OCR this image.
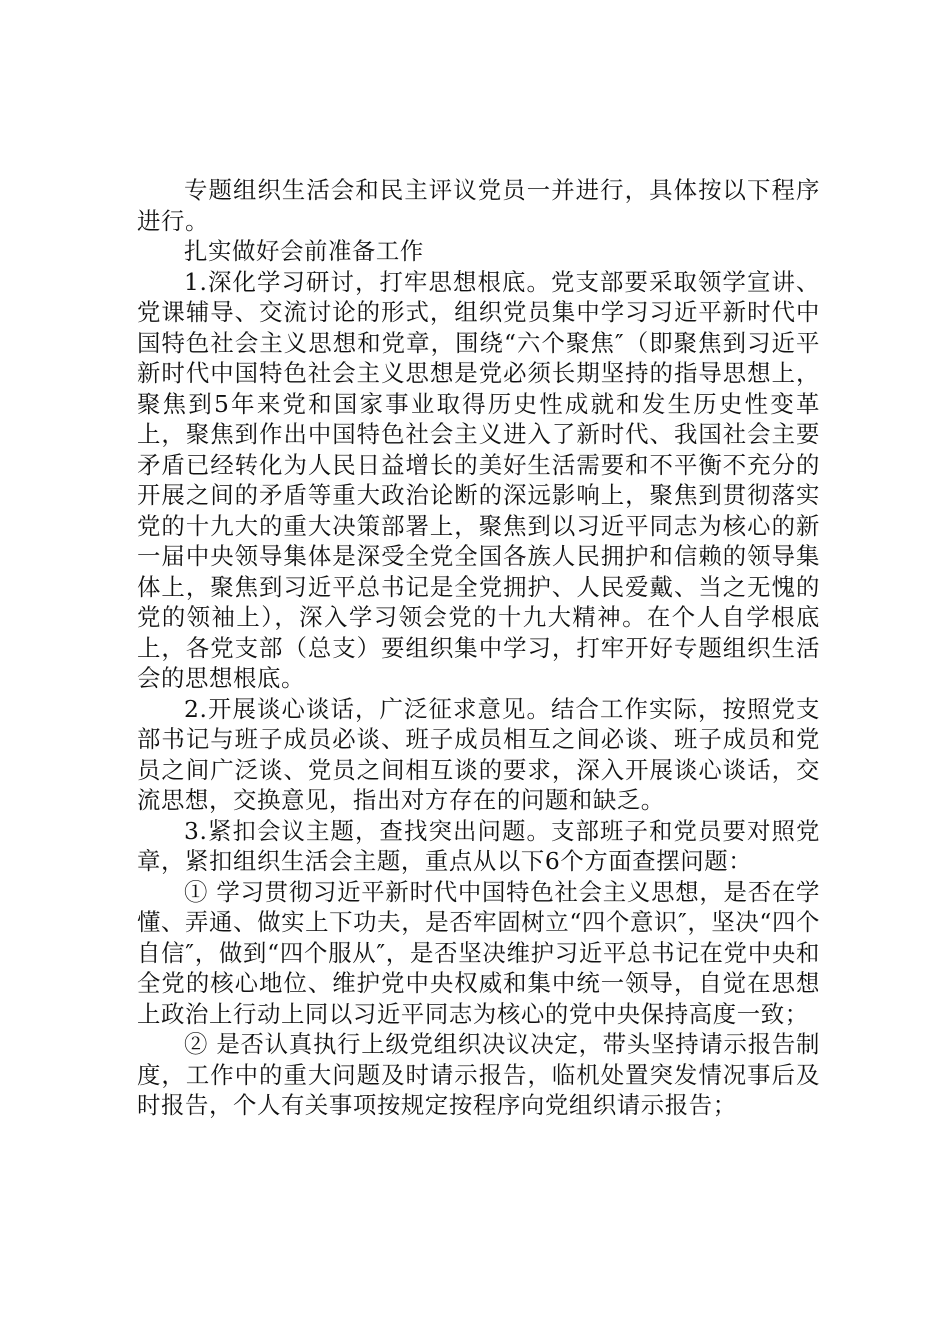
专题组织生活会和民主评议党员一并进行，具体按以下程序进行。

扎实做好会前准备工作

1.深化学习研讨，打牢思想根底。党支部要采取领学宣讲、党课辅导、交流讨论的形式，组织党员集中学习习近平新时代中国特色社会主义思想和党章，围绕“六个聚焦″（即聚焦到习近平新时代中国特色社会主义思想是党必须长期坚持的指导思想上，聚焦到5年来党和国家事业取得历史性成就和发生历史性变革上，聚焦到作出中国特色社会主义进入了新时代、我国社会主要矛盾已经转化为人民日益增长的美好生活需要和不平衡不充分的开展之间的矛盾等重大政治论断的深远影响上，聚焦到贯彻落实党的十九大的重大决策部署上，聚焦到以习近平同志为核心的新一届中央领导集体是深受全党全国各族人民拥护和信赖的领导集体上，聚焦到习近平总书记是全党拥护、人民爱戴、当之无愧的党的领袖上），深入学习领会党的十九大精神。在个人自学根底上，各党支部（总支）要组织集中学习，打牢开好专题组织生活会的思想根底。

2.开展谈心谈话，广泛征求意见。结合工作实际，按照党支部书记与班子成员必谈、班子成员相互之间必谈、班子成员和党员之间广泛谈、党员之间相互谈的要求，深入开展谈心谈话，交流思想，交换意见，指出对方存在的问题和缺乏。

3.紧扣会议主题，查找突出问题。支部班子和党员要对照党章，紧扣组织生活会主题，重点从以下6个方面查摆问题：

① 学习贯彻习近平新时代中国特色社会主义思想，是否在学懂、弄通、做实上下功夫，是否牢固树立“四个意识″，坚决“四个自信″，做到“四个服从″，是否坚决维护习近平总书记在党中央和全党的核心地位、维护党中央权威和集中统一领导，自觉在思想上政治上行动上同以习近平同志为核心的党中央保持高度一致；

② 是否认真执行上级党组织决议决定，带头坚持请示报告制度，工作中的重大问题及时请示报告，临机处置突发情况事后及时报告，个人有关事项按规定按程序向党组织请示报告；
